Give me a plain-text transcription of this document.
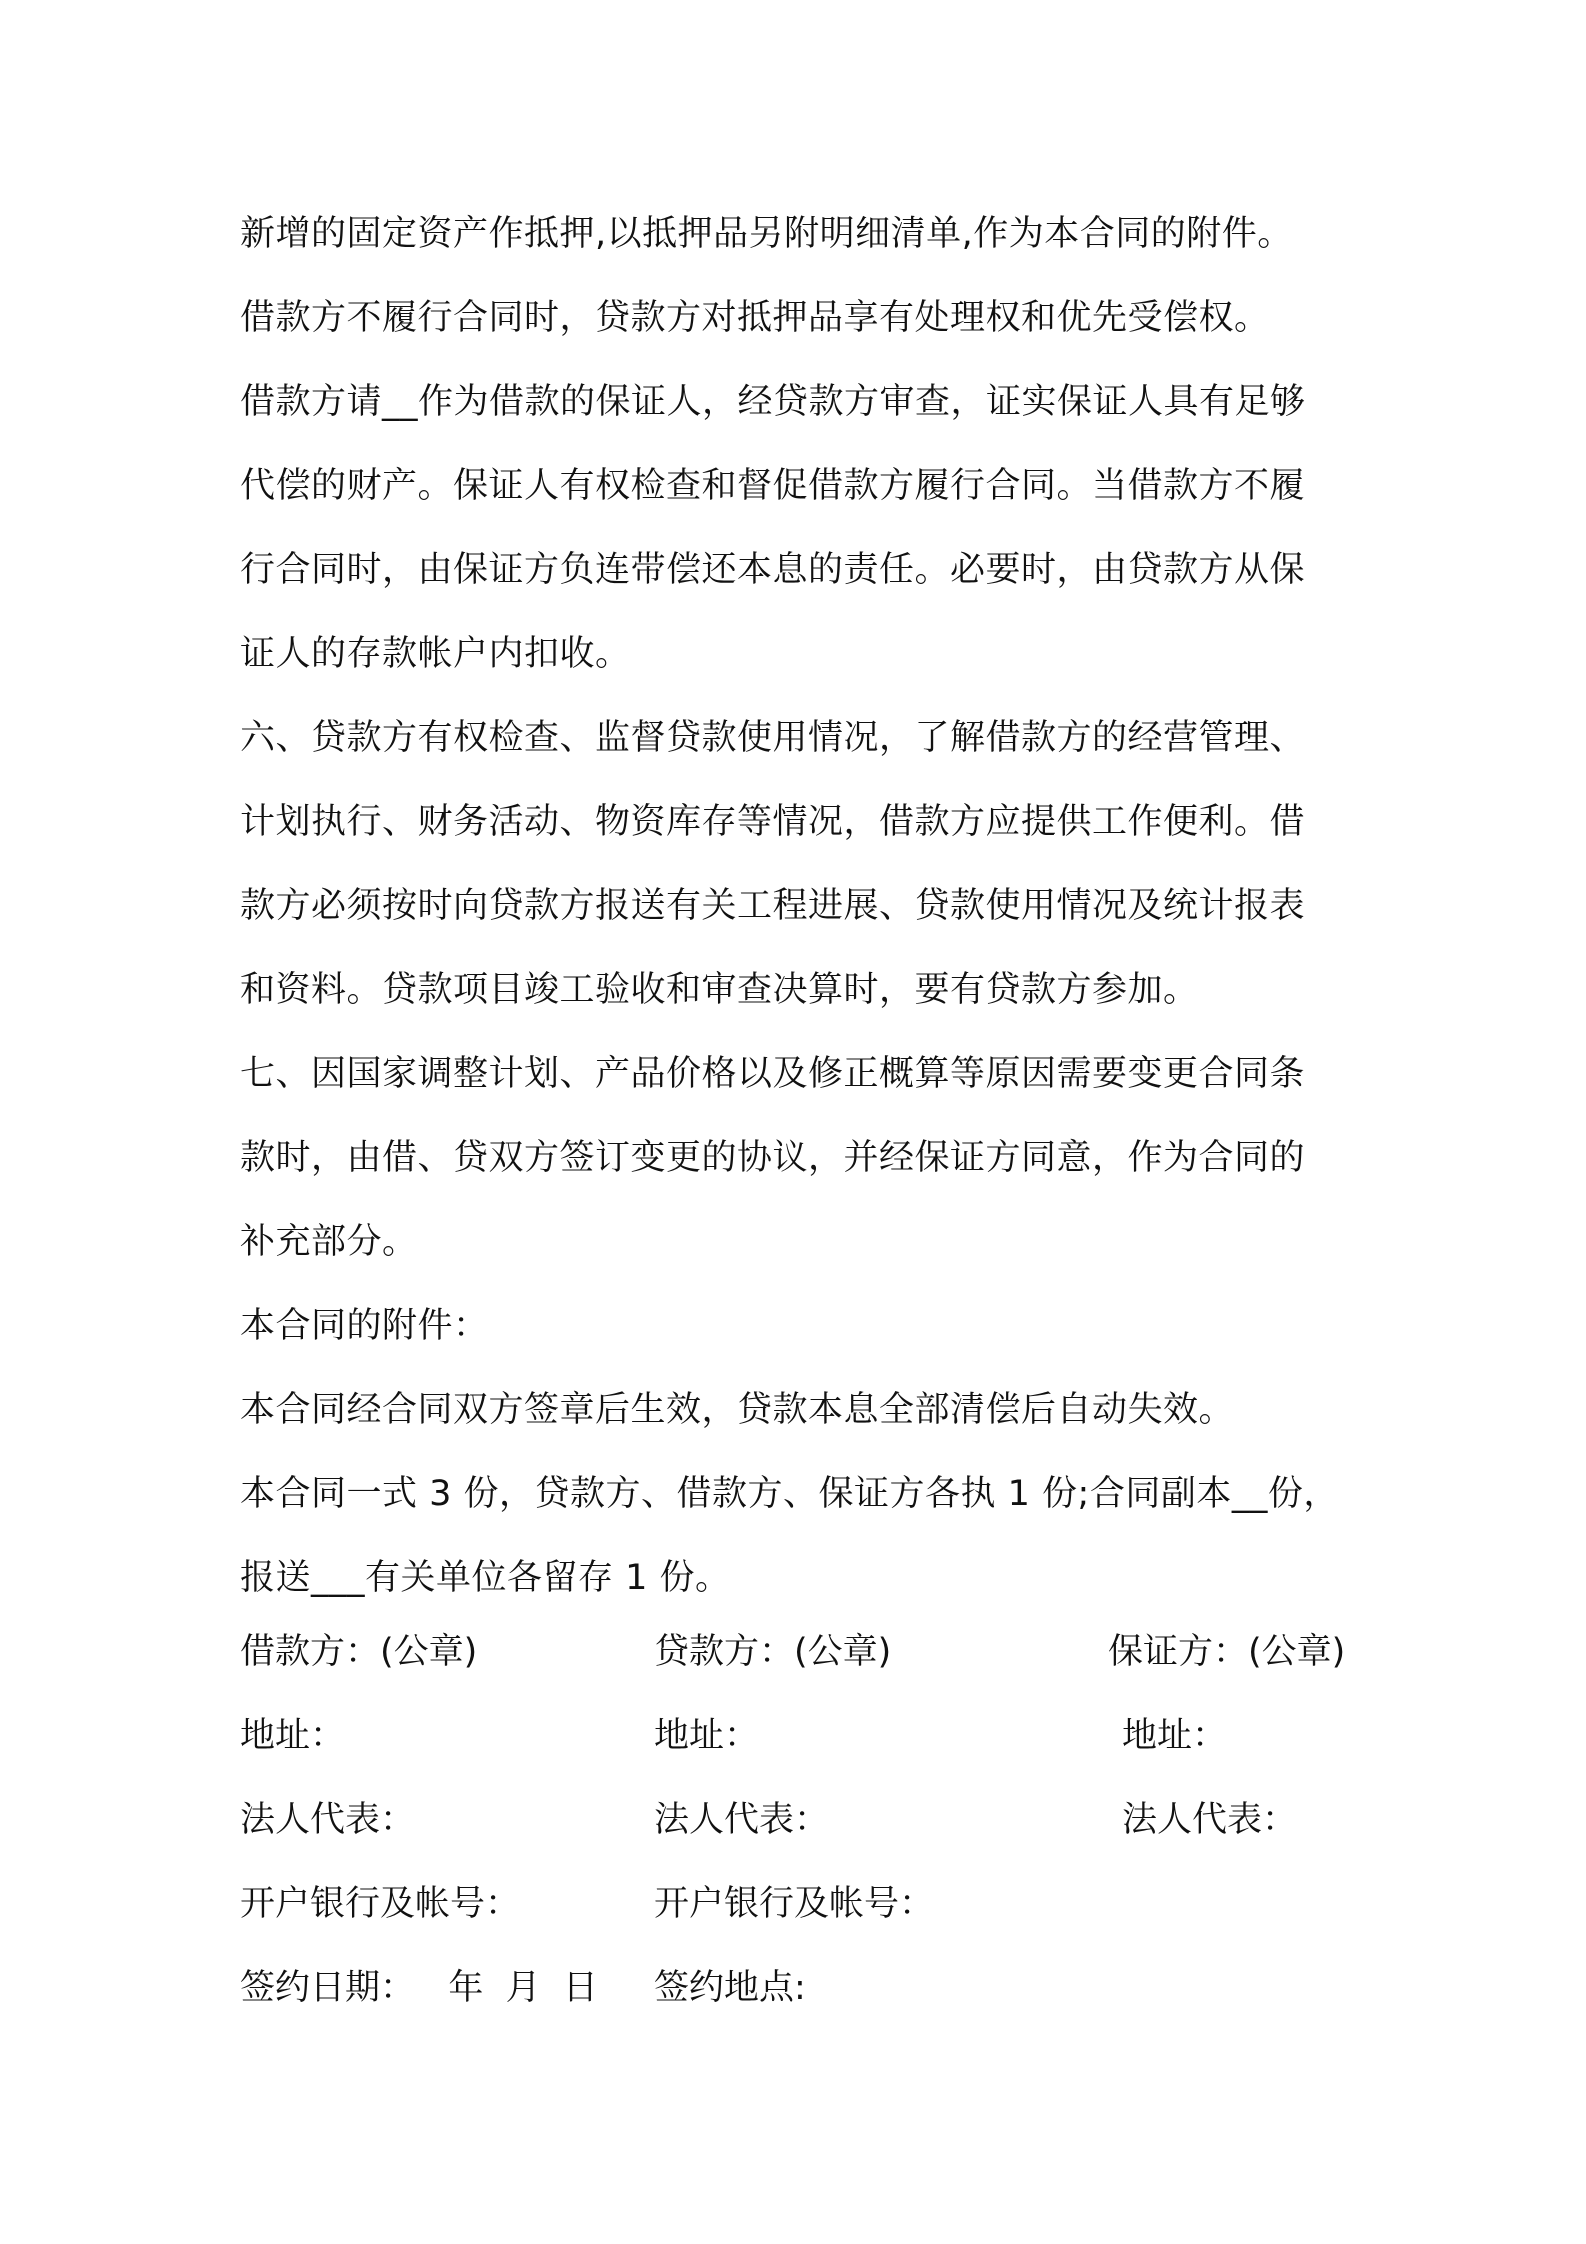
新增的固定资产作抵押,以抵押品另附明细清单,作为本合同的附件。
借款方不履行合同时，贷款方对抵押品享有处理权和优先受偿权。
借款方请__作为借款的保证人，经贷款方审查，证实保证人具有足够
代偿的财产。保证人有权检查和督促借款方履行合同。当借款方不履
行合同时，由保证方负连带偿还本息的责任。必要时，由贷款方从保
证人的存款帐户内扣收。
六、贷款方有权检查、监督贷款使用情况，了解借款方的经营管理、
计划执行、财务活动、物资库存等情况，借款方应提供工作便利。借
款方必须按时向贷款方报送有关工程进展、贷款使用情况及统计报表
和资料。贷款项目竣工验收和审查决算时，要有贷款方参加。
七、因国家调整计划、产品价格以及修正概算等原因需要变更合同条
款时，由借、贷双方签订变更的协议，并经保证方同意，作为合同的
补充部分。
本合同的附件：
本合同经合同双方签章后生效，贷款本息全部清偿后自动失效。
本合同一式 3 份，贷款方、借款方、保证方各执 1 份;合同副本__份，
报送___有关单位各留存 1 份。
借款方：(公章)	贷款方：(公章)	保证方：(公章)
地址：	地址：	地址：
法人代表：	法人代表：	法人代表：
开户银行及帐号：	开户银行及帐号：
签约日期：   年  月  日 签约地点:
